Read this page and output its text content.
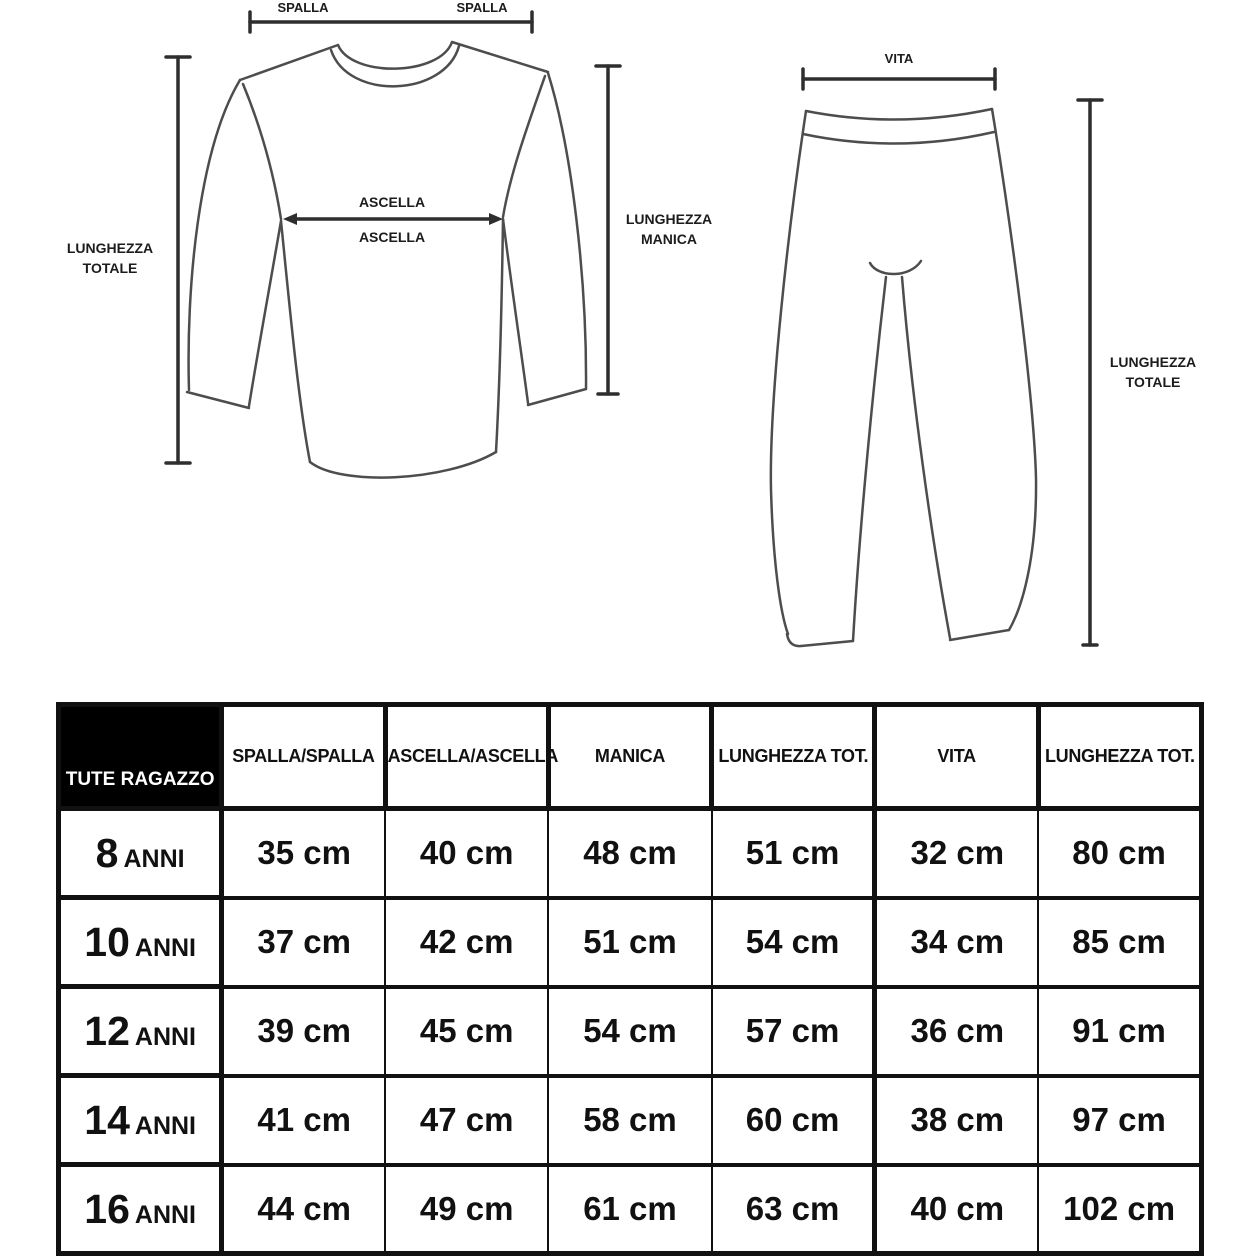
SPALLA	SPALLA
LUNGHEZZA
TOTALE
ASCELLA
ASCELLA
LUNGHEZZA
MANICA
VITA
LUNGHEZZA
TOTALE
TUTE RAGAZZO	SPALLA/SPALLA	ASCELLA/ASCELLA	MANICA	LUNGHEZZA TOT.	VITA	LUNGHEZZA TOT.
8 ANNI	35 cm	40 cm	48 cm	51 cm	32 cm	80 cm
10 ANNI	37 cm	42 cm	51 cm	54 cm	34 cm	85 cm
12 ANNI	39 cm	45 cm	54 cm	57 cm	36 cm	91 cm
14 ANNI	41 cm	47 cm	58 cm	60 cm	38 cm	97 cm
16 ANNI	44 cm	49 cm	61 cm	63 cm	40 cm	102 cm
